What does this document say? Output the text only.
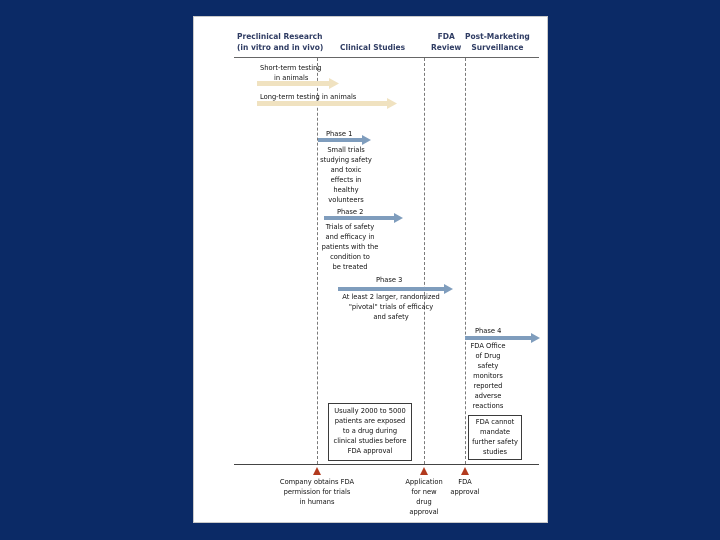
Preclinical Research
(in vitro and in vivo) Clinical Studies
FDA
Review
Post-Marketing
Surveillance
Short-term testing
in animals
Long-term testing in animals
Phase 1
Small trials
studying safety
and toxic
effects in
healthy
volunteers
Phase 2
Trials of safety
and efficacy in
patients with the
condition to
be treated
Phase 3
At least 2 larger, randomized
"pivotal" trials of efficacy
and safety
Phase 4
FDA Office
of Drug
safety
monitors
reported
adverse
reactions
Usually 2000 to 5000
patients are exposed
to a drug during
clinical studies before
FDA approval
FDA cannot
mandate
further safety
studies
Company obtains FDA
permission for trials
in humans
Application
for new
drug
approval
FDA
approval
